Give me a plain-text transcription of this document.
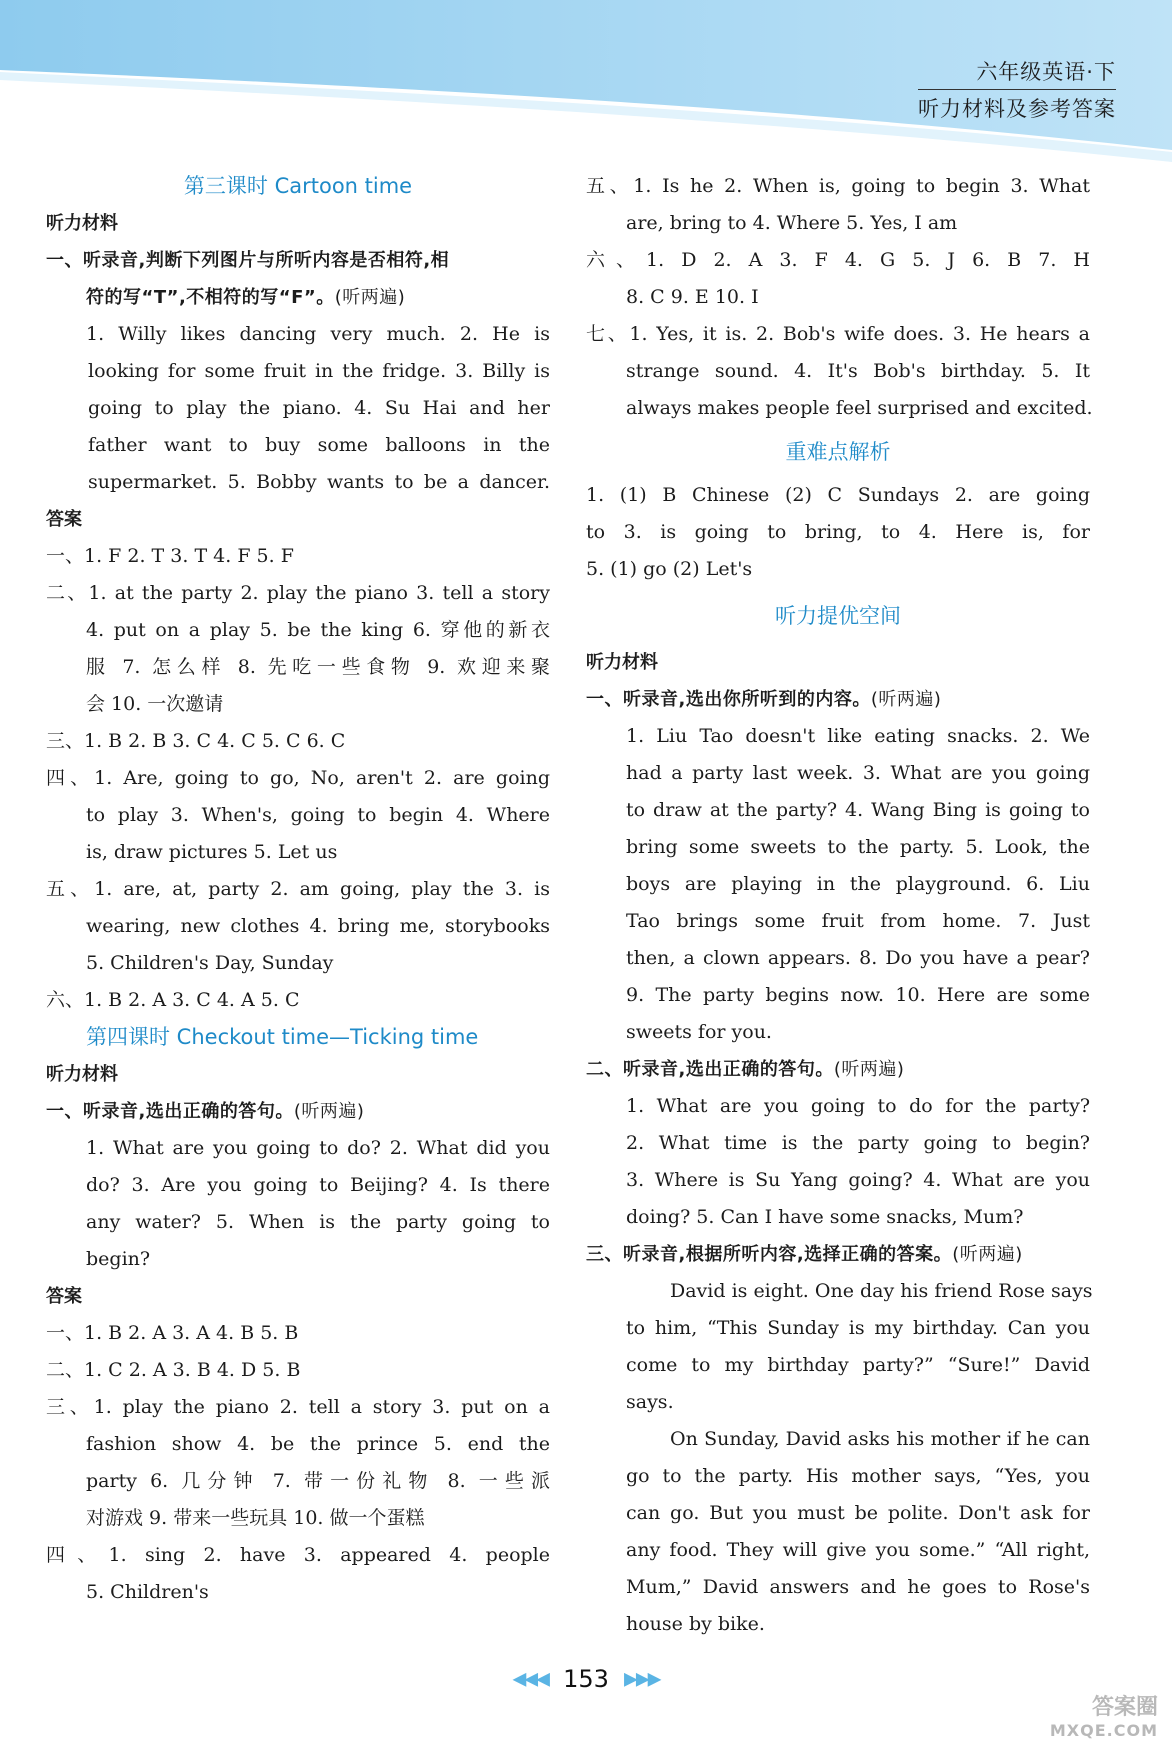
六年级英语·下
听力材料及参考答案
第三课时 Cartoon time
听力材料
一、听录音,判断下列图片与所听内容是否相符,相
符的写“T”,不相符的写“F”。(听两遍)
1. Willy likes dancing very much. 2. He is
looking for some fruit in the fridge. 3. Billy is
going to play the piano. 4. Su Hai and her
father want to buy some balloons in the
supermarket. 5. Bobby wants to be a dancer.
答案
一、1. F 2. T 3. T 4. F 5. F
二、1. at the party 2. play the piano 3. tell a story
4. put on a play 5. be the king 6. 穿他的新衣
服 7. 怎么样 8. 先吃一些食物 9. 欢迎来聚
会 10. 一次邀请
三、1. B 2. B 3. C 4. C 5. C 6. C
四、1. Are, going to go, No, aren't 2. are going
to play 3. When's, going to begin 4. Where
is, draw pictures 5. Let us
五、1. are, at, party 2. am going, play the 3. is
wearing, new clothes 4. bring me, storybooks
5. Children's Day, Sunday
六、1. B 2. A 3. C 4. A 5. C
第四课时 Checkout time—Ticking time
听力材料
一、听录音,选出正确的答句。(听两遍)
1. What are you going to do? 2. What did you
do? 3. Are you going to Beijing? 4. Is there
any water? 5. When is the party going to
begin?
答案
一、1. B 2. A 3. A 4. B 5. B
二、1. C 2. A 3. B 4. D 5. B
三、1. play the piano 2. tell a story 3. put on a
fashion show 4. be the prince 5. end the
party 6. 几分钟 7. 带一份礼物 8. 一些派
对游戏 9. 带来一些玩具 10. 做一个蛋糕
四、1. sing 2. have 3. appeared 4. people
5. Children's
五、1. Is he 2. When is, going to begin 3. What
are, bring to 4. Where 5. Yes, I am
六、1. D 2. A 3. F 4. G 5. J 6. B 7. H
8. C 9. E 10. I
七、1. Yes, it is. 2. Bob's wife does. 3. He hears a
strange sound. 4. It's Bob's birthday. 5. It
always makes people feel surprised and excited.
重难点解析
1. (1) B Chinese (2) C Sundays 2. are going
to 3. is going to bring, to 4. Here is, for
5. (1) go (2) Let's
听力提优空间
听力材料
一、听录音,选出你所听到的内容。(听两遍)
1. Liu Tao doesn't like eating snacks. 2. We
had a party last week. 3. What are you going
to draw at the party? 4. Wang Bing is going to
bring some sweets to the party. 5. Look, the
boys are playing in the playground. 6. Liu
Tao brings some fruit from home. 7. Just
then, a clown appears. 8. Do you have a pear?
9. The party begins now. 10. Here are some
sweets for you.
二、听录音,选出正确的答句。(听两遍)
1. What are you going to do for the party?
2. What time is the party going to begin?
3. Where is Su Yang going? 4. What are you
doing? 5. Can I have some snacks, Mum?
三、听录音,根据所听内容,选择正确的答案。(听两遍)
David is eight. One day his friend Rose says
to him, “This Sunday is my birthday. Can you
come to my birthday party?” “Sure!” David
says.
On Sunday, David asks his mother if he can
go to the party. His mother says, “Yes, you
can go. But you must be polite. Don't ask for
any food. They will give you some.” “All right,
Mum,” David answers and he goes to Rose's
house by bike.
◀◀◀ 153 ▶▶▶
答案圈
MXQE.COM
